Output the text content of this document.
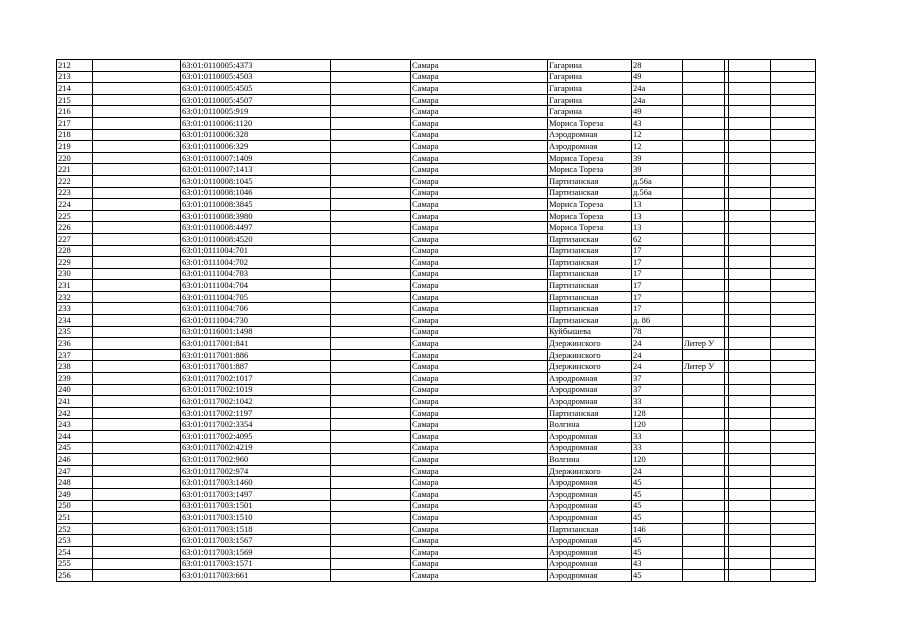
212		63:01:0110005:4373		Самара	Гагарина	28				
213		63:01:0110005:4503		Самара	Гагарина	49				
214		63:01:0110005:4505		Самара	Гагарина	24а				
215		63:01:0110005:4507		Самара	Гагарина	24а				
216		63:01:0110005:919		Самара	Гагарина	49				
217		63:01:0110006:1120		Самара	Мориса Тореза	43				
218		63:01:0110006:328		Самара	Аэродромная	12				
219		63:01:0110006:329		Самара	Аэродромная	12				
220		63:01:0110007:1409		Самара	Мориса Тореза	39				
221		63:01:0110007:1413		Самара	Мориса Тореза	39				
222		63:01:0110008:1045		Самара	Партизанская	д.56а				
223		63:01:0110008:1046		Самара	Партизанская	д.56а				
224		63:01:0110008:3845		Самара	Мориса Тореза	13				
225		63:01:0110008:3980		Самара	Мориса Тореза	13				
226		63:01:0110008:4497		Самара	Мориса Тореза	13				
227		63:01:0110008:4520		Самара	Партизанская	62				
228		63:01:0111004:701		Самара	Партизанская	17				
229		63:01:0111004:702		Самара	Партизанская	17				
230		63:01:0111004:703		Самара	Партизанская	17				
231		63:01:0111004:704		Самара	Партизанская	17				
232		63:01:0111004:705		Самара	Партизанская	17				
233		63:01:0111004:706		Самара	Партизанская	17				
234		63:01:0111004:730		Самара	Партизанская	д. 86				
235		63:01:0116001:1498		Самара	Куйбышева	78				
236		63:01:0117001:841		Самара	Дзержинского	24	Литер У			
237		63:01:0117001:886		Самара	Дзержинского	24				
238		63:01:0117001:887		Самара	Дзержинского	24	Литер У			
239		63:01:0117002:1017		Самара	Аэродромная	37				
240		63:01:0117002:1019		Самара	Аэродромная	37				
241		63:01:0117002:1042		Самара	Аэродромная	33				
242		63:01:0117002:1197		Самара	Партизанская	128				
243		63:01:0117002:3354		Самара	Волгина	120				
244		63:01:0117002:4095		Самара	Аэродромная	33				
245		63:01:0117002:4219		Самара	Аэродромная	33				
246		63:01:0117002:960		Самара	Волгина	120				
247		63:01:0117002:974		Самара	Дзержинского	24				
248		63:01:0117003:1460		Самара	Аэродромная	45				
249		63:01:0117003:1497		Самара	Аэродромная	45				
250		63:01:0117003:1501		Самара	Аэродромная	45				
251		63:01:0117003:1510		Самара	Аэродромная	45				
252		63:01:0117003:1518		Самара	Партизанская	146				
253		63:01:0117003:1567		Самара	Аэродромная	45				
254		63:01:0117003:1569		Самара	Аэродромная	45				
255		63:01:0117003:1571		Самара	Аэродромная	43				
256		63:01:0117003:661		Самара	Аэродромная	45				
